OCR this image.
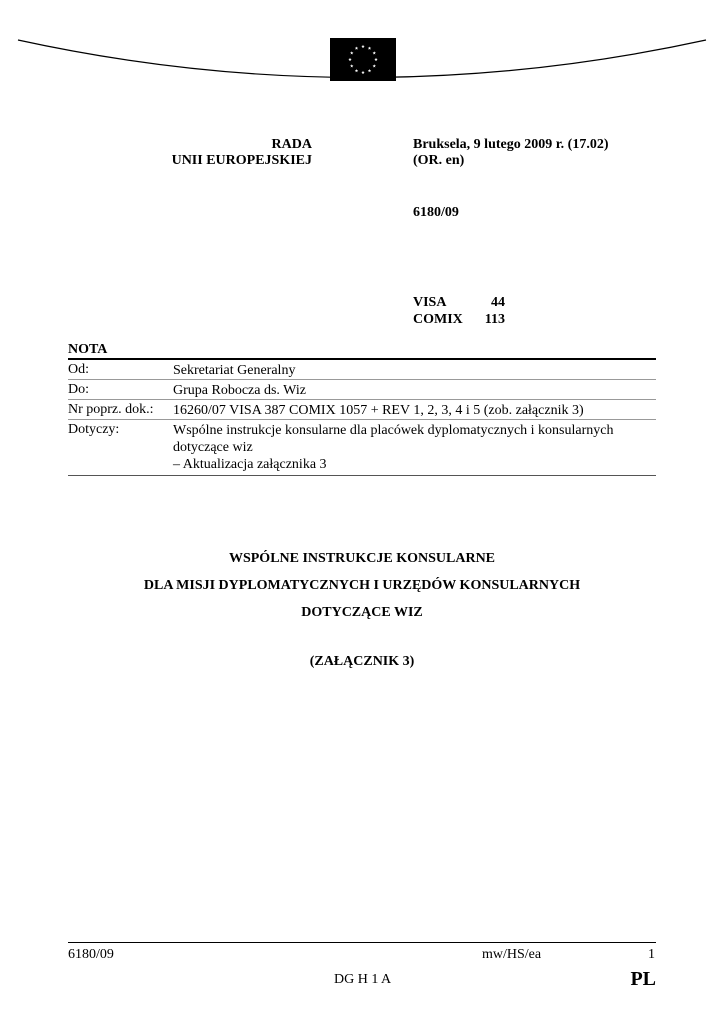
RADA
UNII EUROPEJSKIEJ
Bruksela, 9 lutego 2009 r. (17.02)
(OR. en)
6180/09
VISA	44
COMIX	113
NOTA
Od:	Sekretariat Generalny
Do:	Grupa Robocza ds. Wiz
Nr poprz. dok.: 16260/07 VISA 387 COMIX 1057 + REV 1, 2, 3, 4 i 5 (zob. załącznik 3)
Dotyczy:	Wspólne instrukcje konsularne dla placówek dyplomatycznych i konsularnych
dotyczące wiz
– Aktualizacja załącznika 3
WSPÓLNE INSTRUKCJE KONSULARNE
DLA MISJI DYPLOMATYCZNYCH I URZĘDÓW KONSULARNYCH
DOTYCZĄCE WIZ
(ZAŁĄCZNIK 3)
6180/09	mw/HS/ea	1
DG H 1 A	PL
